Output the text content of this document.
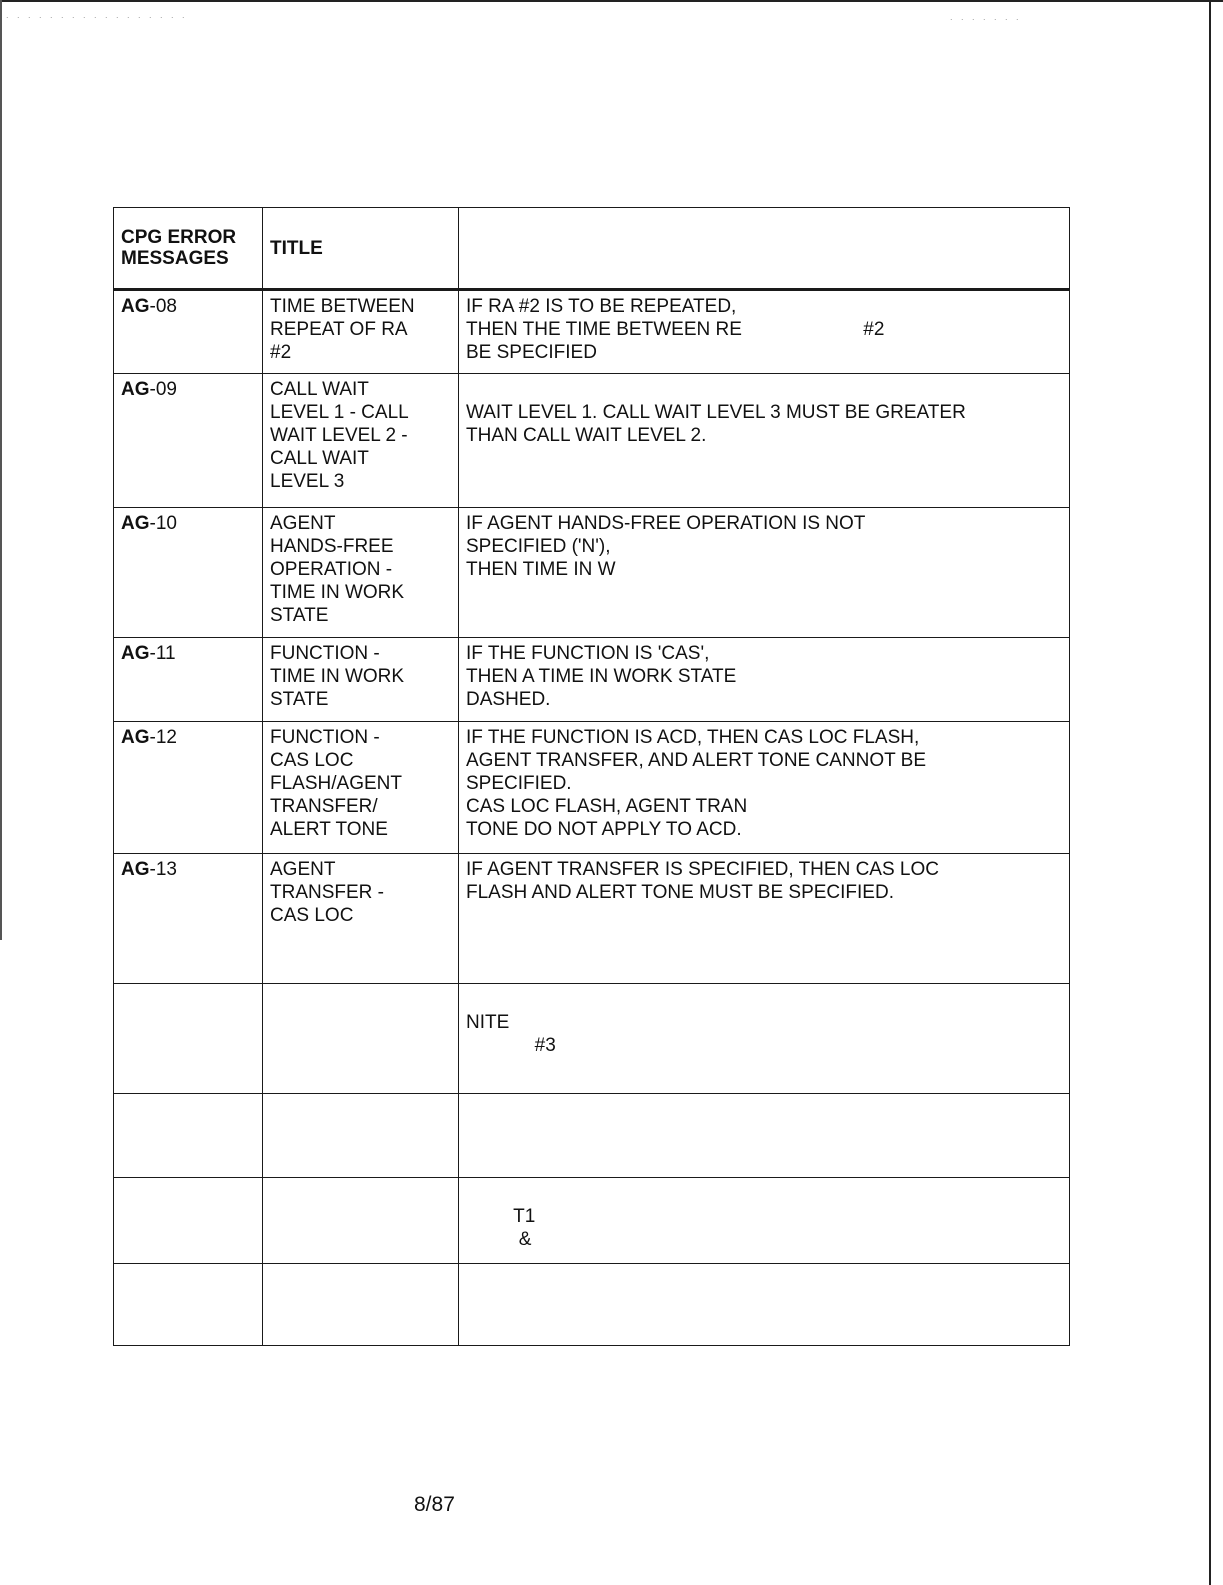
. . . . . . . . . . . . . . . . .	. . . . . . .
CPG ERROR
MESSAGES	TITLE	
AG-08	TIME BETWEEN
REPEAT OF RA
#2	IF RA #2 IS TO BE REPEATED,
THEN THE TIME BETWEEN RE                       #2
BE SPECIFIED

AG-09	CALL WAIT
LEVEL 1 - CALL
WAIT LEVEL 2 -
CALL WAIT
LEVEL 3	WAIT LEVEL 1. CALL WAIT LEVEL 3 MUST BE GREATER
THAN CALL WAIT LEVEL 2.

AG-10	AGENT
HANDS-FREE
OPERATION -
TIME IN WORK
STATE	IF AGENT HANDS-FREE OPERATION IS NOT
SPECIFIED ('N'),
THEN TIME IN W

AG-11	FUNCTION -
TIME IN WORK
STATE	IF THE FUNCTION IS 'CAS',
THEN A TIME IN WORK STATE
DASHED.

AG-12	FUNCTION -
CAS LOC
FLASH/AGENT
TRANSFER/
ALERT TONE	IF THE FUNCTION IS ACD, THEN CAS LOC FLASH,
AGENT TRANSFER, AND ALERT TONE CANNOT BE
SPECIFIED.
CAS LOC FLASH, AGENT TRAN
TONE DO NOT APPLY TO ACD.

AG-13	AGENT
TRANSFER -
CAS LOC	IF AGENT TRANSFER IS SPECIFIED, THEN CAS LOC
FLASH AND ALERT TONE MUST BE SPECIFIED.

		NITE
#3

		T1
&

8/87
